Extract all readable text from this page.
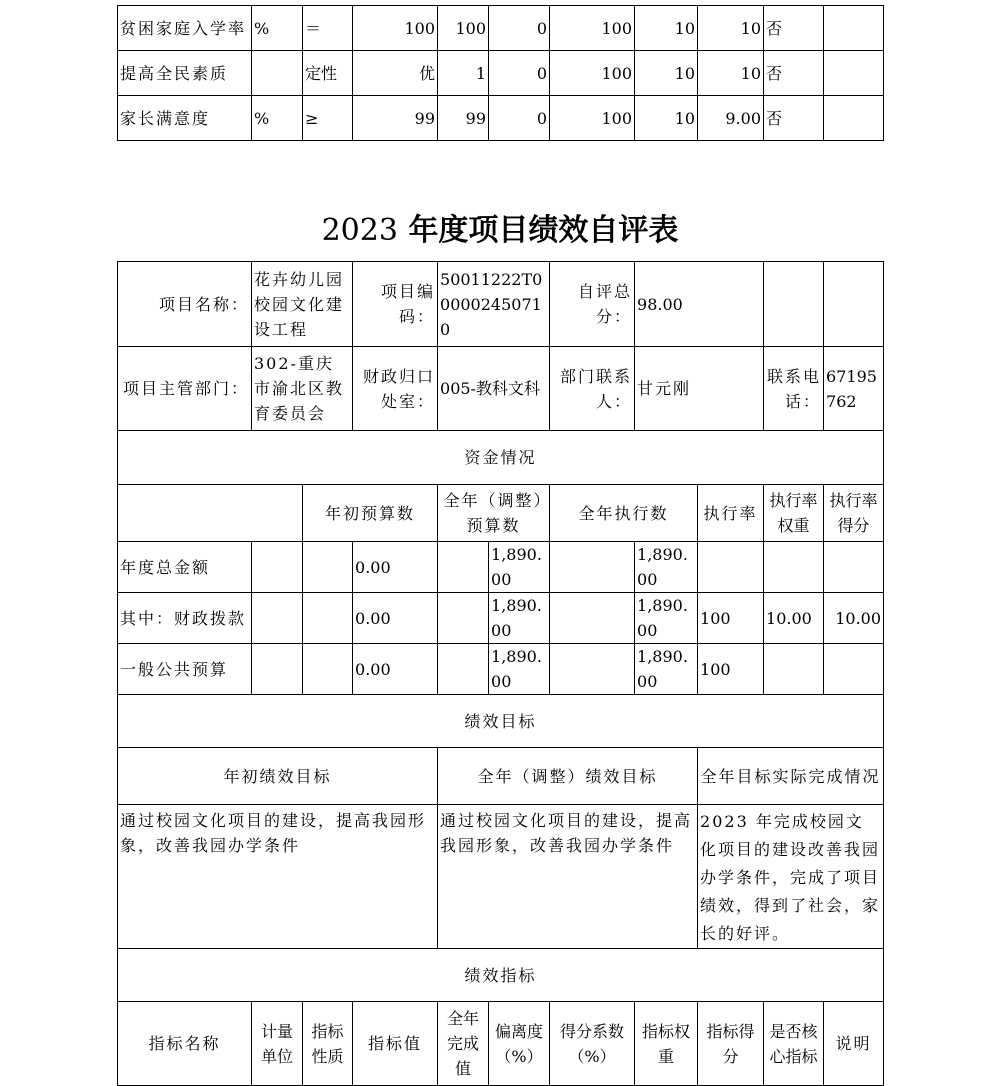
贫困家庭入学率	%	＝	100	100	0	100	10	10	否	
提高全民素质		定性	优	1	0	100	10	10	否	
家长满意度	%	≥	99	99	0	100	10	9.00	否	
2023 年度项目绩效自评表
项目名称：	花卉幼儿园校园文化建设工程		项目编码：	50011222T000002450710		自评总分：	98.00			
项目主管部门：	302-重庆市渝北区教育委员会		财政归口处室：	005-教科文科		部门联系人：	甘元刚		联系电话：	67195762
资金情况										
		年初预算数		全年（调整）预算数		全年执行数		执行率	执行率权重	执行率得分
年度总金额			0.00		1,890.00		1,890.00			
其中：财政拨款			0.00		1,890.00		1,890.00	100	10.00	10.00
一般公共预算			0.00		1,890.00		1,890.00	100		
绩效目标										
年初绩效目标				全年（调整）绩效目标				全年目标实际完成情况		
通过校园文化项目的建设，提高我园形象，改善我园办学条件				通过校园文化项目的建设，提高我园形象，改善我园办学条件				2023 年完成校园文化项目的建设改善我园办学条件，完成了项目绩效，得到了社会，家长的好评。		
绩效指标										
指标名称	计量单位	指标性质	指标值	全年完成值	偏离度（%）	得分系数（%）	指标权重	指标得分	是否核心指标	说明
